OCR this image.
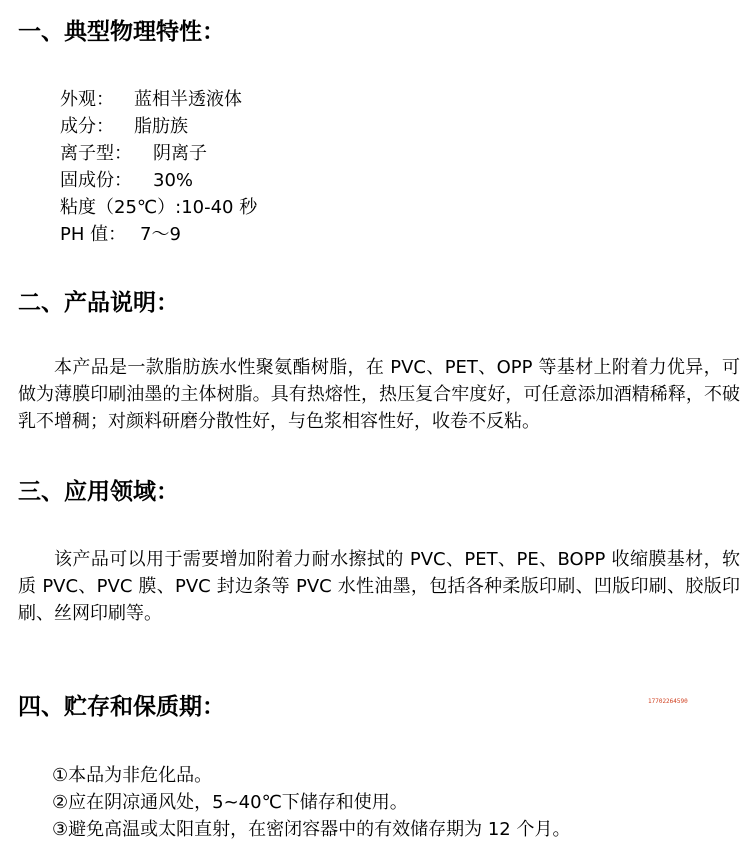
一、典型物理特性：
外观： 蓝相半透液体
成分： 脂肪族
离子型： 阴离子
固成份： 30%
粘度（25℃）:10-40 秒
PH 值： 7～9
二、产品说明：

本产品是一款脂肪族水性聚氨酯树脂，在 PVC、PET、OPP 等基材上附着力优异，可做为薄膜印刷油墨的主体树脂。具有热熔性，热压复合牢度好，可任意添加酒精稀释，不破乳不增稠；对颜料研磨分散性好，与色浆相容性好，收卷不反粘。

三、应用领域：

该产品可以用于需要增加附着力耐水擦拭的 PVC、PET、PE、BOPP 收缩膜基材，软质 PVC、PVC 膜、PVC 封边条等 PVC 水性油墨，包括各种柔版印刷、凹版印刷、胶版印刷、丝网印刷等。

四、贮存和保质期：	17702264590
①本品为非危化品。
②应在阴凉通风处，5~40℃下储存和使用。
③避免高温或太阳直射，在密闭容器中的有效储存期为 12 个月。
